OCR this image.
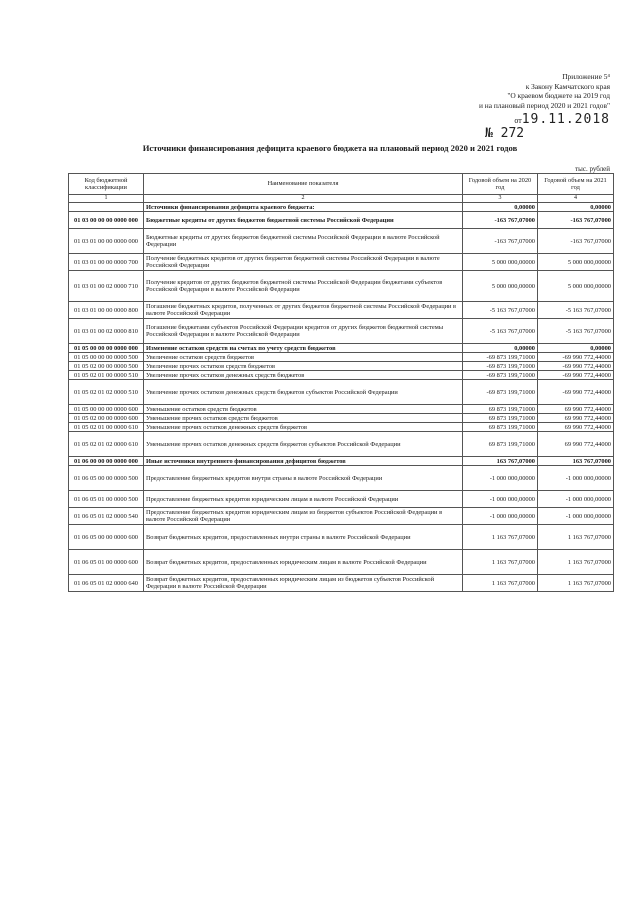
Приложение 5⁴
к Закону Камчатского края
"О краевом бюджете на 2019 год
и на плановый период 2020 и 2021 годов"
от19.11.2018
№ 272
Источники финансирования дефицита краевого бюджета на плановый период 2020 и 2021 годов
тыс. рублей
Код бюджетной классификации	Наименование показателя	Годовой объем на 2020 год	Годовой объем на 2021 год
1	2	3	4
	Источники финансирования дефицита краевого бюджета:	0,00000	0,00000
01 03 00 00 00 0000 000	Бюджетные кредиты от других бюджетов бюджетной системы Российской Федерации	-163 767,07000	-163 767,07000
01 03 01 00 00 0000 000	Бюджетные кредиты от других бюджетов бюджетной системы Российской Федерации в валюте Российской Федерации	-163 767,07000	-163 767,07000
01 03 01 00 00 0000 700	Получение бюджетных кредитов от других бюджетов бюджетной системы Российской Федерации в валюте Российской Федерации	5 000 000,00000	5 000 000,00000
01 03 01 00 02 0000 710	Получение кредитов от других бюджетов бюджетной системы Российской Федерации бюджетами субъектов Российской Федерации в валюте Российской Федерации	5 000 000,00000	5 000 000,00000
01 03 01 00 00 0000 800	Погашение бюджетных кредитов, полученных от других бюджетов бюджетной системы Российской Федерации в валюте Российской Федерации	-5 163 767,07000	-5 163 767,07000
01 03 01 00 02 0000 810	Погашение бюджетами субъектов Российской Федерации кредитов от других бюджетов бюджетной системы Российской Федерации в валюте Российской Федерации	-5 163 767,07000	-5 163 767,07000
01 05 00 00 00 0000 000	Изменение остатков средств на счетах по учету средств бюджетов	0,00000	0,00000
01 05 00 00 00 0000 500	Увеличение остатков средств бюджетов	-69 873 199,71000	-69 990 772,44000
01 05 02 00 00 0000 500	Увеличение прочих остатков средств бюджетов	-69 873 199,71000	-69 990 772,44000
01 05 02 01 00 0000 510	Увеличение прочих остатков денежных средств бюджетов	-69 873 199,71000	-69 990 772,44000
01 05 02 01 02 0000 510	Увеличение прочих остатков денежных средств бюджетов субъектов Российской Федерации	-69 873 199,71000	-69 990 772,44000
01 05 00 00 00 0000 600	Уменьшение остатков средств бюджетов	69 873 199,71000	69 990 772,44000
01 05 02 00 00 0000 600	Уменьшение прочих остатков средств бюджетов	69 873 199,71000	69 990 772,44000
01 05 02 01 00 0000 610	Уменьшение прочих остатков денежных средств бюджетов	69 873 199,71000	69 990 772,44000
01 05 02 01 02 0000 610	Уменьшение прочих остатков денежных средств бюджетов субъектов Российской Федерации	69 873 199,71000	69 990 772,44000
01 06 00 00 00 0000 000	Иные источники внутреннего финансирования дефицитов бюджетов	163 767,07000	163 767,07000
01 06 05 00 00 0000 500	Предоставление бюджетных кредитов внутри страны в валюте Российской Федерации	-1 000 000,00000	-1 000 000,00000
01 06 05 01 00 0000 500	Предоставление бюджетных кредитов юридическим лицам в валюте Российской Федерации	-1 000 000,00000	-1 000 000,00000
01 06 05 01 02 0000 540	Предоставление бюджетных кредитов юридическим лицам из бюджетов субъектов Российской Федерации в валюте Российской Федерации	-1 000 000,00000	-1 000 000,00000
01 06 05 00 00 0000 600	Возврат бюджетных кредитов, предоставленных внутри страны в валюте Российской Федерации	1 163 767,07000	1 163 767,07000
01 06 05 01 00 0000 600	Возврат бюджетных кредитов, предоставленных юридическим лицам в валюте Российской Федерации	1 163 767,07000	1 163 767,07000
01 06 05 01 02 0000 640	Возврат бюджетных кредитов, предоставленных юридическим лицам из бюджетов субъектов Российской Федерации в валюте Российской Федерации	1 163 767,07000	1 163 767,07000
